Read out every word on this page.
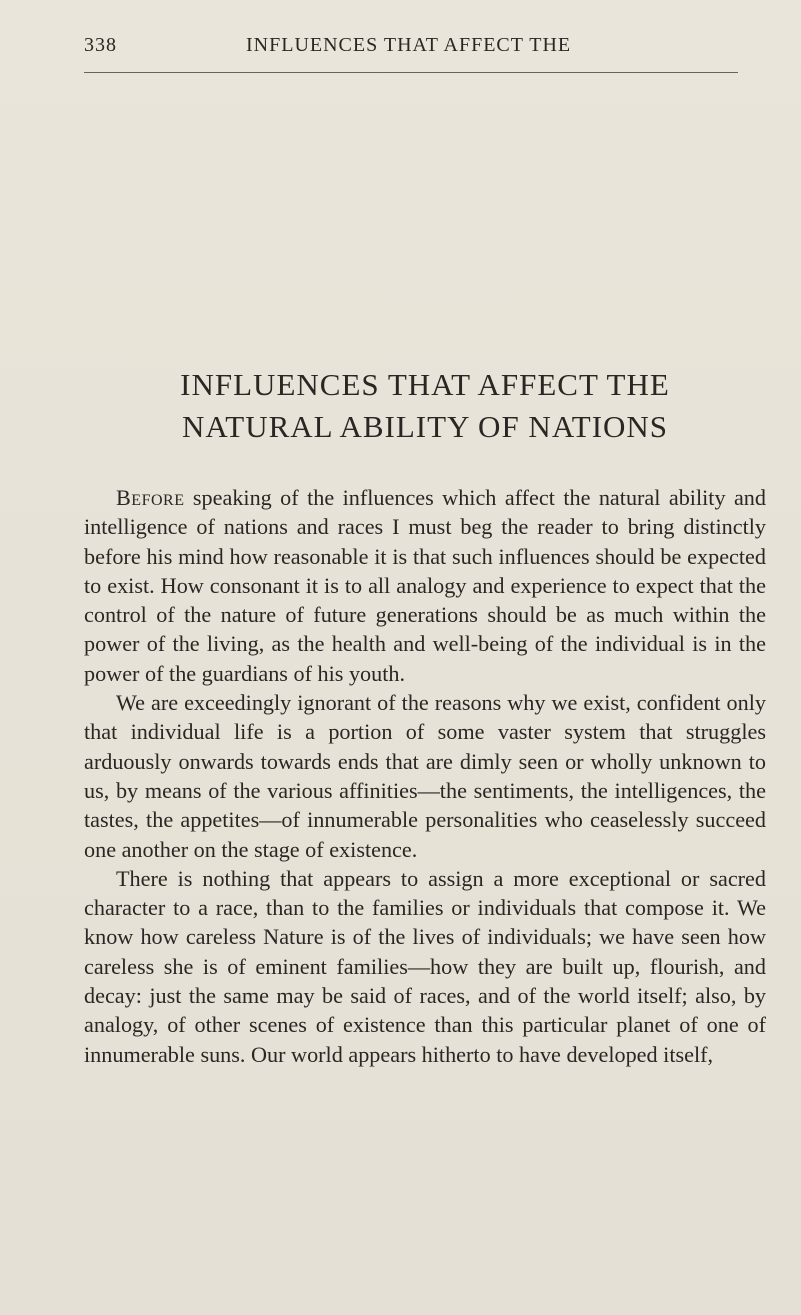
338	INFLUENCES THAT AFFECT THE
INFLUENCES THAT AFFECT THE
NATURAL ABILITY OF NATIONS

Before speaking of the influences which affect the natural ability and intelligence of nations and races I must beg the reader to bring distinctly before his mind how reasonable it is that such influences should be expected to exist. How consonant it is to all analogy and experience to expect that the control of the nature of future generations should be as much within the power of the living, as the health and well-being of the individual is in the power of the guardians of his youth.

We are exceedingly ignorant of the reasons why we exist, confident only that individual life is a portion of some vaster system that struggles arduously onwards towards ends that are dimly seen or wholly unknown to us, by means of the various affinities—the sentiments, the intelligences, the tastes, the appetites—of innumerable personalities who ceaselessly succeed one another on the stage of existence.

There is nothing that appears to assign a more exceptional or sacred character to a race, than to the families or individuals that compose it. We know how careless Nature is of the lives of individuals; we have seen how careless she is of eminent families—how they are built up, flourish, and decay: just the same may be said of races, and of the world itself; also, by analogy, of other scenes of existence than this particular planet of one of innumerable suns. Our world appears hitherto to have developed itself,
